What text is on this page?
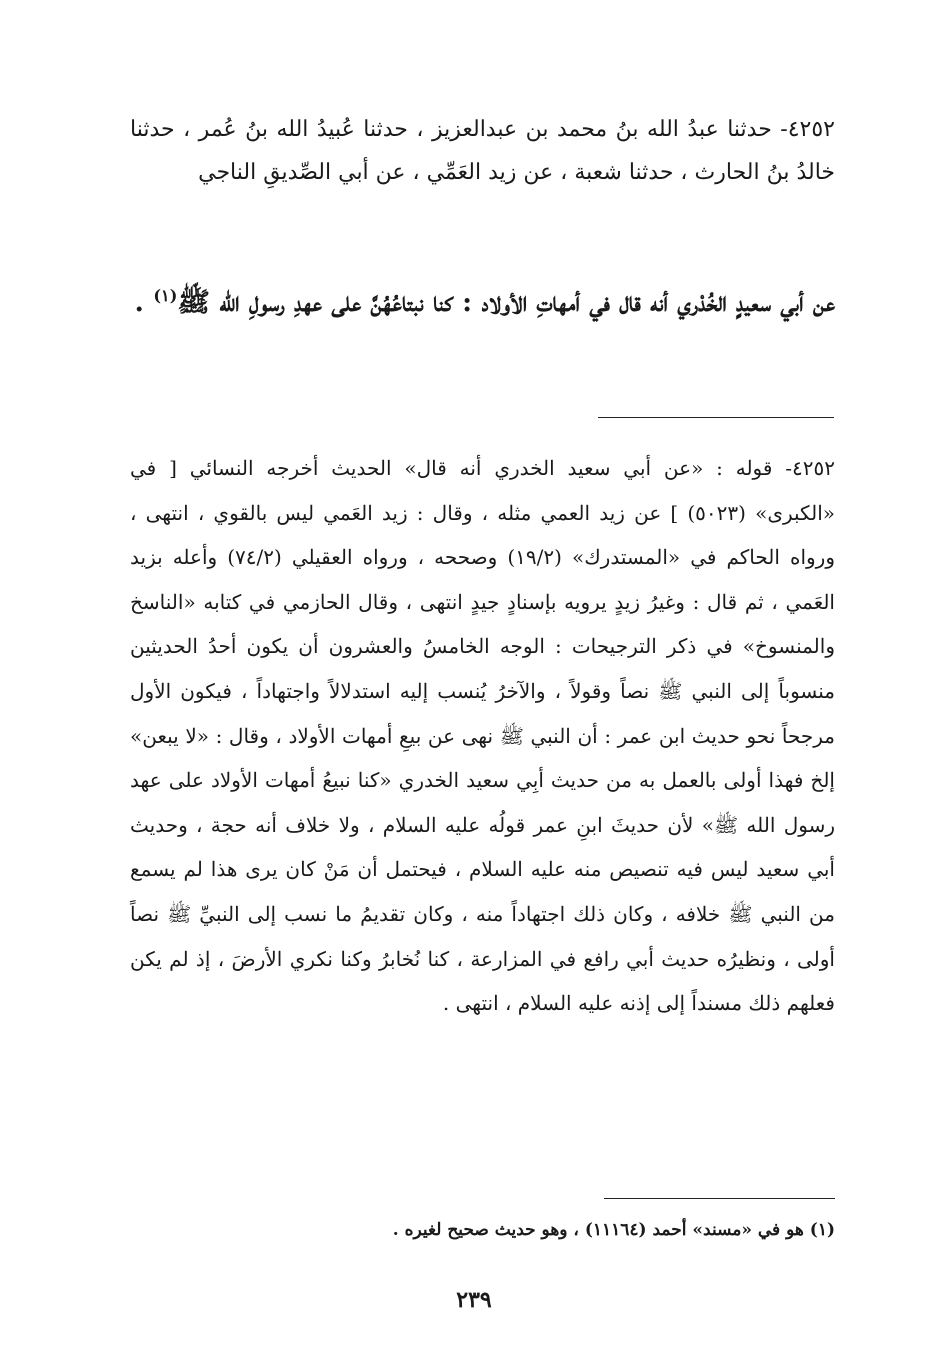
٤٢٥٢- حدثنا عبدُ الله بنُ محمد بن عبدالعزيز ، حدثنا عُبيدُ الله بنُ عُمر ، حدثنا خالدُ بنُ الحارث ، حدثنا شعبة ، عن زيد العَمِّي ، عن أبي الصِّديقِ الناجي

عن أبي سعيدٍ الخُدْري أنه قال في أمهاتِ الأولاد : كنا نبتاعُهُنَّ على عهدِ رسولِ الله ﷺ$^{(١)}$ .

٤٢٥٢- قوله : «عن أبي سعيد الخدري أنه قال» الحديث أخرجه النسائي [ في «الكبرى» (٥٠٢٣) ] عن زيد العمي مثله ، وقال : زيد العَمي ليس بالقوي ، انتهى ، ورواه الحاكم في «المستدرك» (١٩/٢) وصححه ، ورواه العقيلي (٧٤/٢) وأعله بزيد العَمي ، ثم قال : وغيرُ زيدٍ يرويه بإسنادٍ جيدٍ انتهى ، وقال الحازمي في كتابه «الناسخ والمنسوخ» في ذكر الترجيحات : الوجه الخامسُ والعشرون أن يكون أحدُ الحديثين منسوباً إلى النبي ﷺ نصاً وقولاً ، والآخرُ يُنسب إليه استدلالاً واجتهاداً ، فيكون الأول مرجحاً نحو حديث ابن عمر : أن النبي ﷺ نهى عن بيعِ أمهات الأولاد ، وقال : «لا يبعن» إلخ فهذا أولى بالعمل به من حديث أبِي سعيد الخدري «كنا نبيعُ أمهات الأولاد على عهد رسول الله ﷺ» لأن حديثَ ابنِ عمر قولُه عليه السلام ، ولا خلاف أنه حجة ، وحديث أبي سعيد ليس فيه تنصيص منه عليه السلام ، فيحتمل أن مَنْ كان يرى هذا لم يسمع من النبي ﷺ خلافه ، وكان ذلك اجتهاداً منه ، وكان تقديمُ ما نسب إلى النبيِّ ﷺ نصاً أولى ، ونظيرُه حديث أبي رافع في المزارعة ، كنا نُخابرُ وكنا نكري الأرضَ ، إذ لم يكن فعلهم ذلك مسنداً إلى إذنه عليه السلام ، انتهى .

(١) هو في «مسند» أحمد (١١١٦٤) ، وهو حديث صحيح لغيره .

٢٣٩
